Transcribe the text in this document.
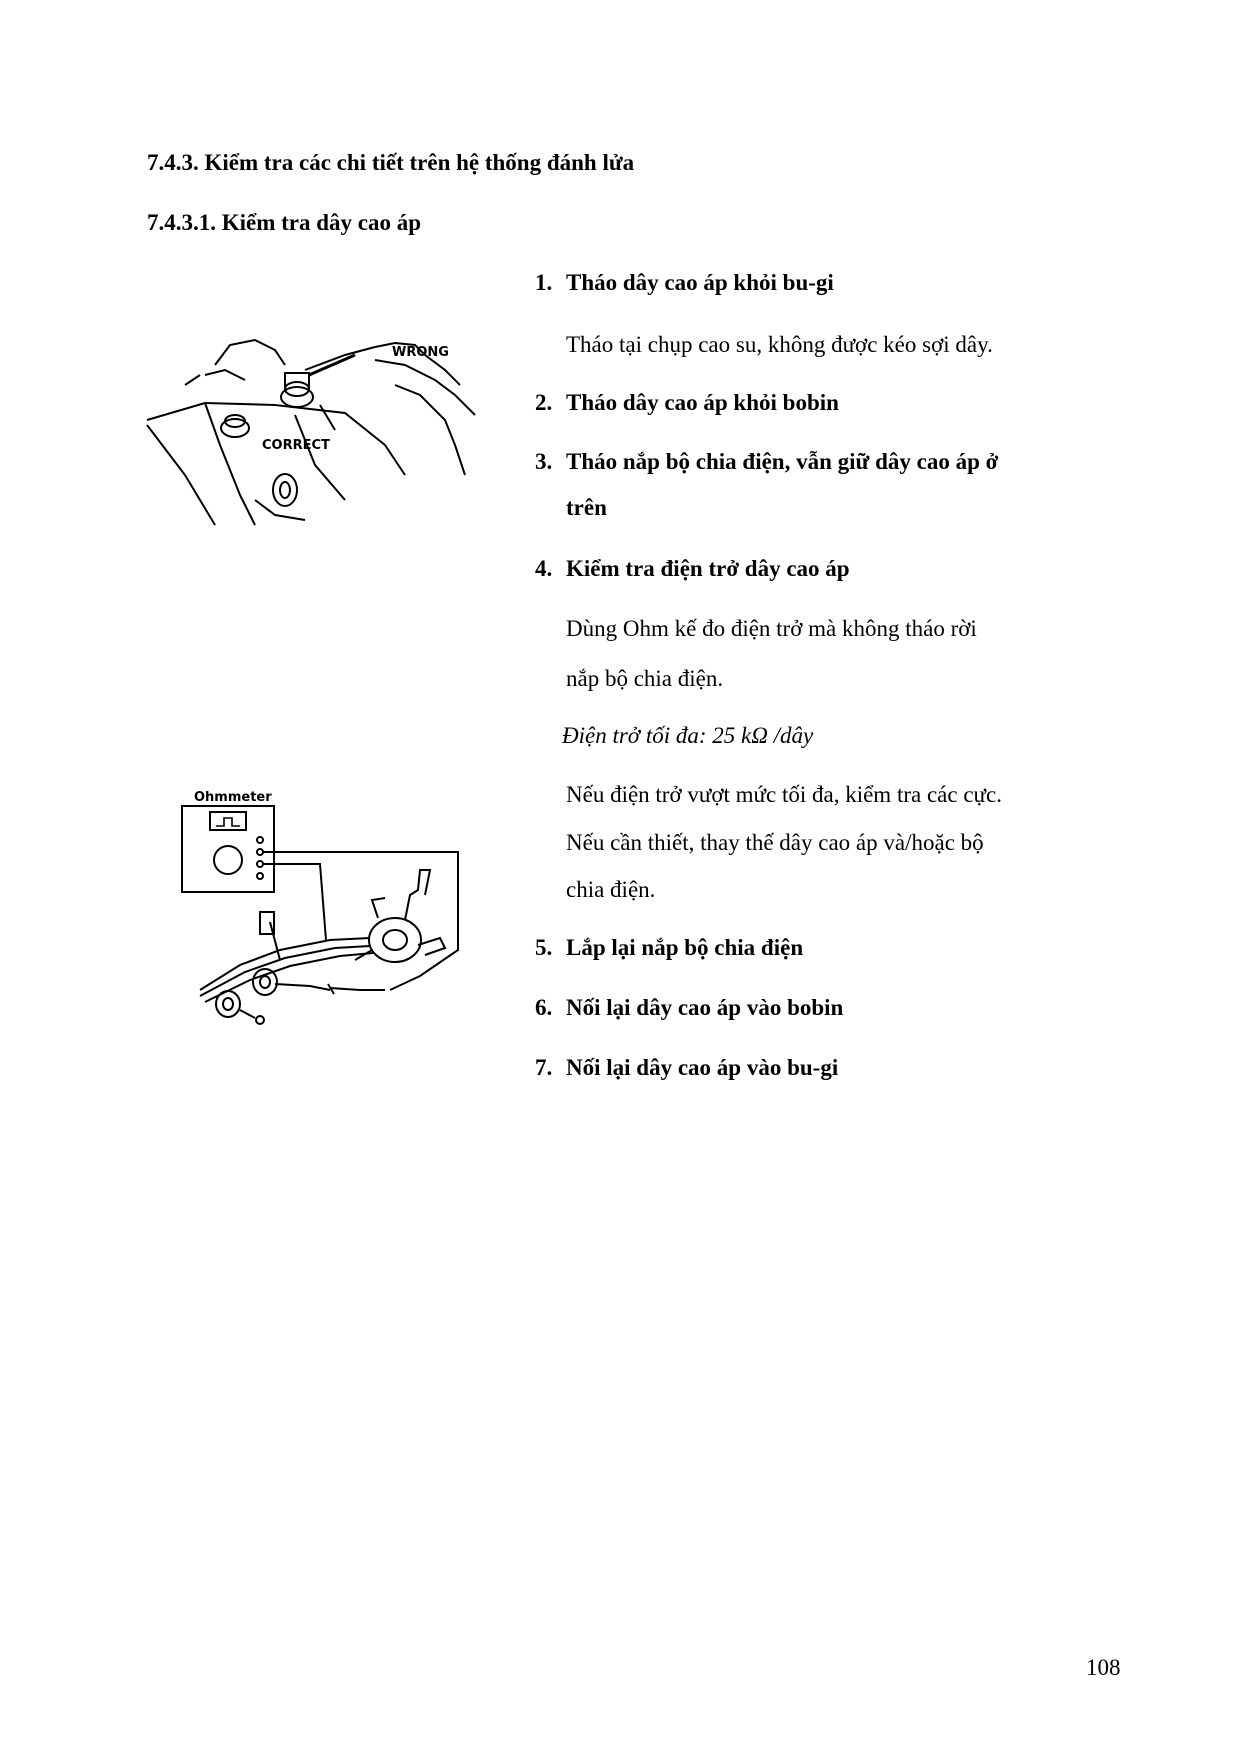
7.4.3. Kiểm tra các chi tiết trên hệ thống đánh lửa
7.4.3.1. Kiểm tra dây cao áp
1. Tháo dây cao áp khỏi bu-gi
Tháo tại chụp cao su, không được kéo sợi dây.
2. Tháo dây cao áp khỏi bobin
3. Tháo nắp bộ chia điện, vẫn giữ dây cao áp ở
trên
4. Kiểm tra điện trở dây cao áp
Dùng Ohm kế đo điện trở mà không tháo rời
nắp bộ chia điện.
Điện trở tối đa: 25 kΩ /dây
Nếu điện trở vượt mức tối đa, kiểm tra các cực.
Nếu cần thiết, thay thế dây cao áp và/hoặc bộ
chia điện.
5. Lắp lại nắp bộ chia điện
6. Nối lại dây cao áp vào bobin
7. Nối lại dây cao áp vào bu-gi
WRONG
CORRECT
Ohmmeter
108
